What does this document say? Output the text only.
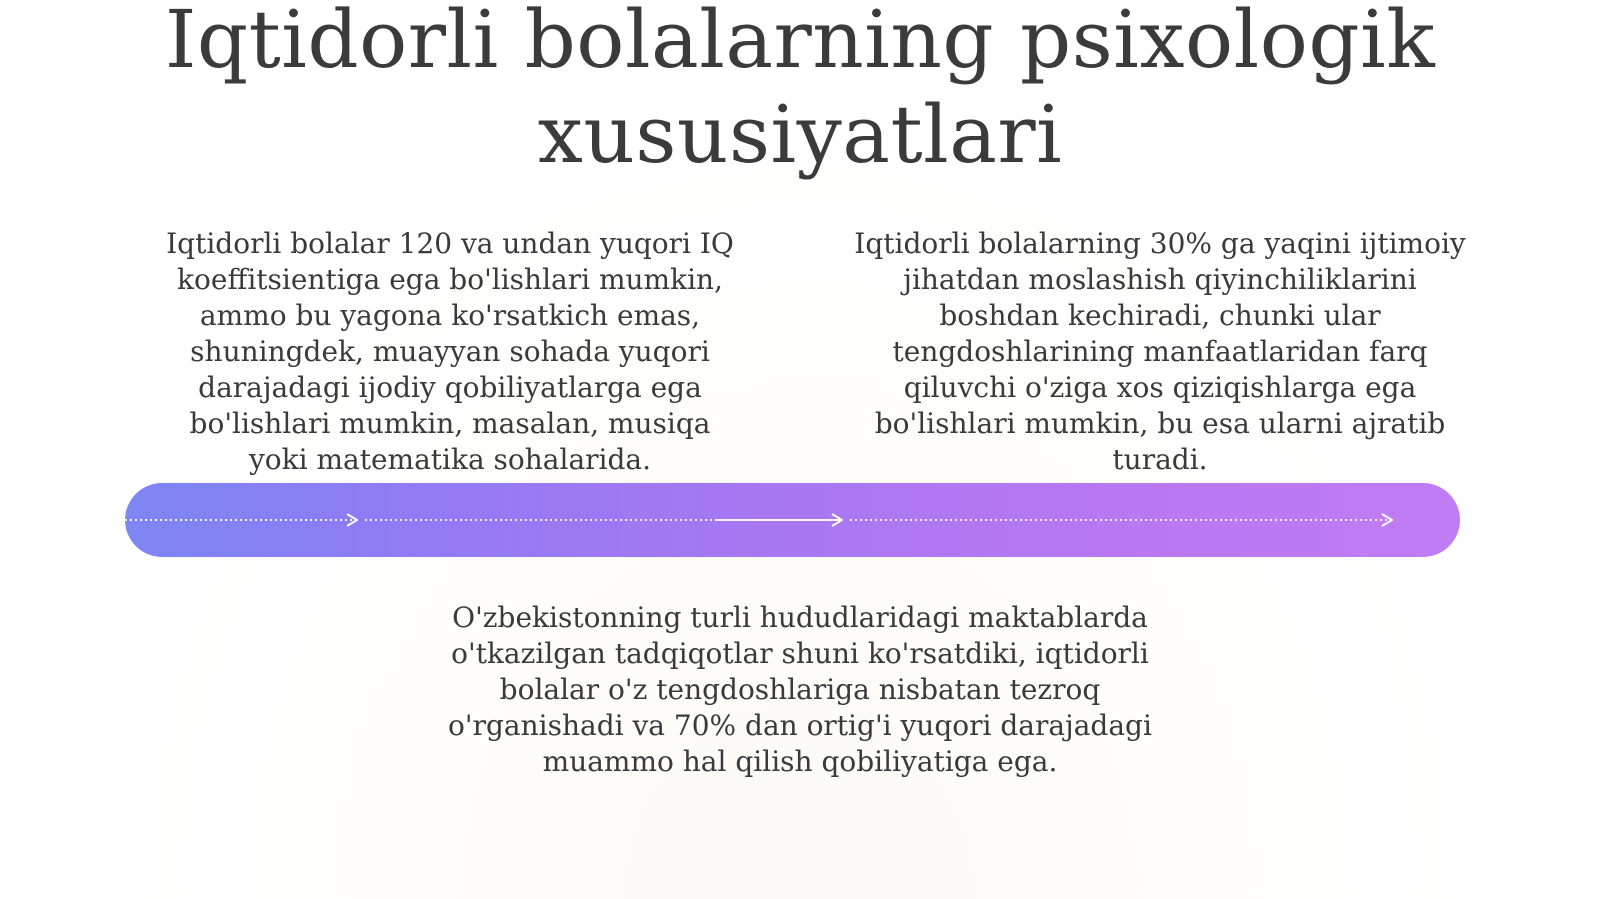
Iqtidorli bolalarning psixologik xususiyatlari

Iqtidorli bolalar 120 va undan yuqori IQ koeffitsientiga ega bo'lishlari mumkin, ammo bu yagona ko'rsatkich emas, shuningdek, muayyan sohada yuqori darajadagi ijodiy qobiliyatlarga ega bo'lishlari mumkin, masalan, musiqa yoki matematika sohalarida.

Iqtidorli bolalarning 30% ga yaqini ijtimoiy jihatdan moslashish qiyinchiliklarini boshdan kechiradi, chunki ular tengdoshlarining manfaatlaridan farq qiluvchi o'ziga xos qiziqishlarga ega bo'lishlari mumkin, bu esa ularni ajratib turadi.

O'zbekistonning turli hududlaridagi maktablarda o'tkazilgan tadqiqotlar shuni ko'rsatdiki, iqtidorli bolalar o'z tengdoshlariga nisbatan tezroq o'rganishadi va 70% dan ortig'i yuqori darajadagi muammo hal qilish qobiliyatiga ega.
